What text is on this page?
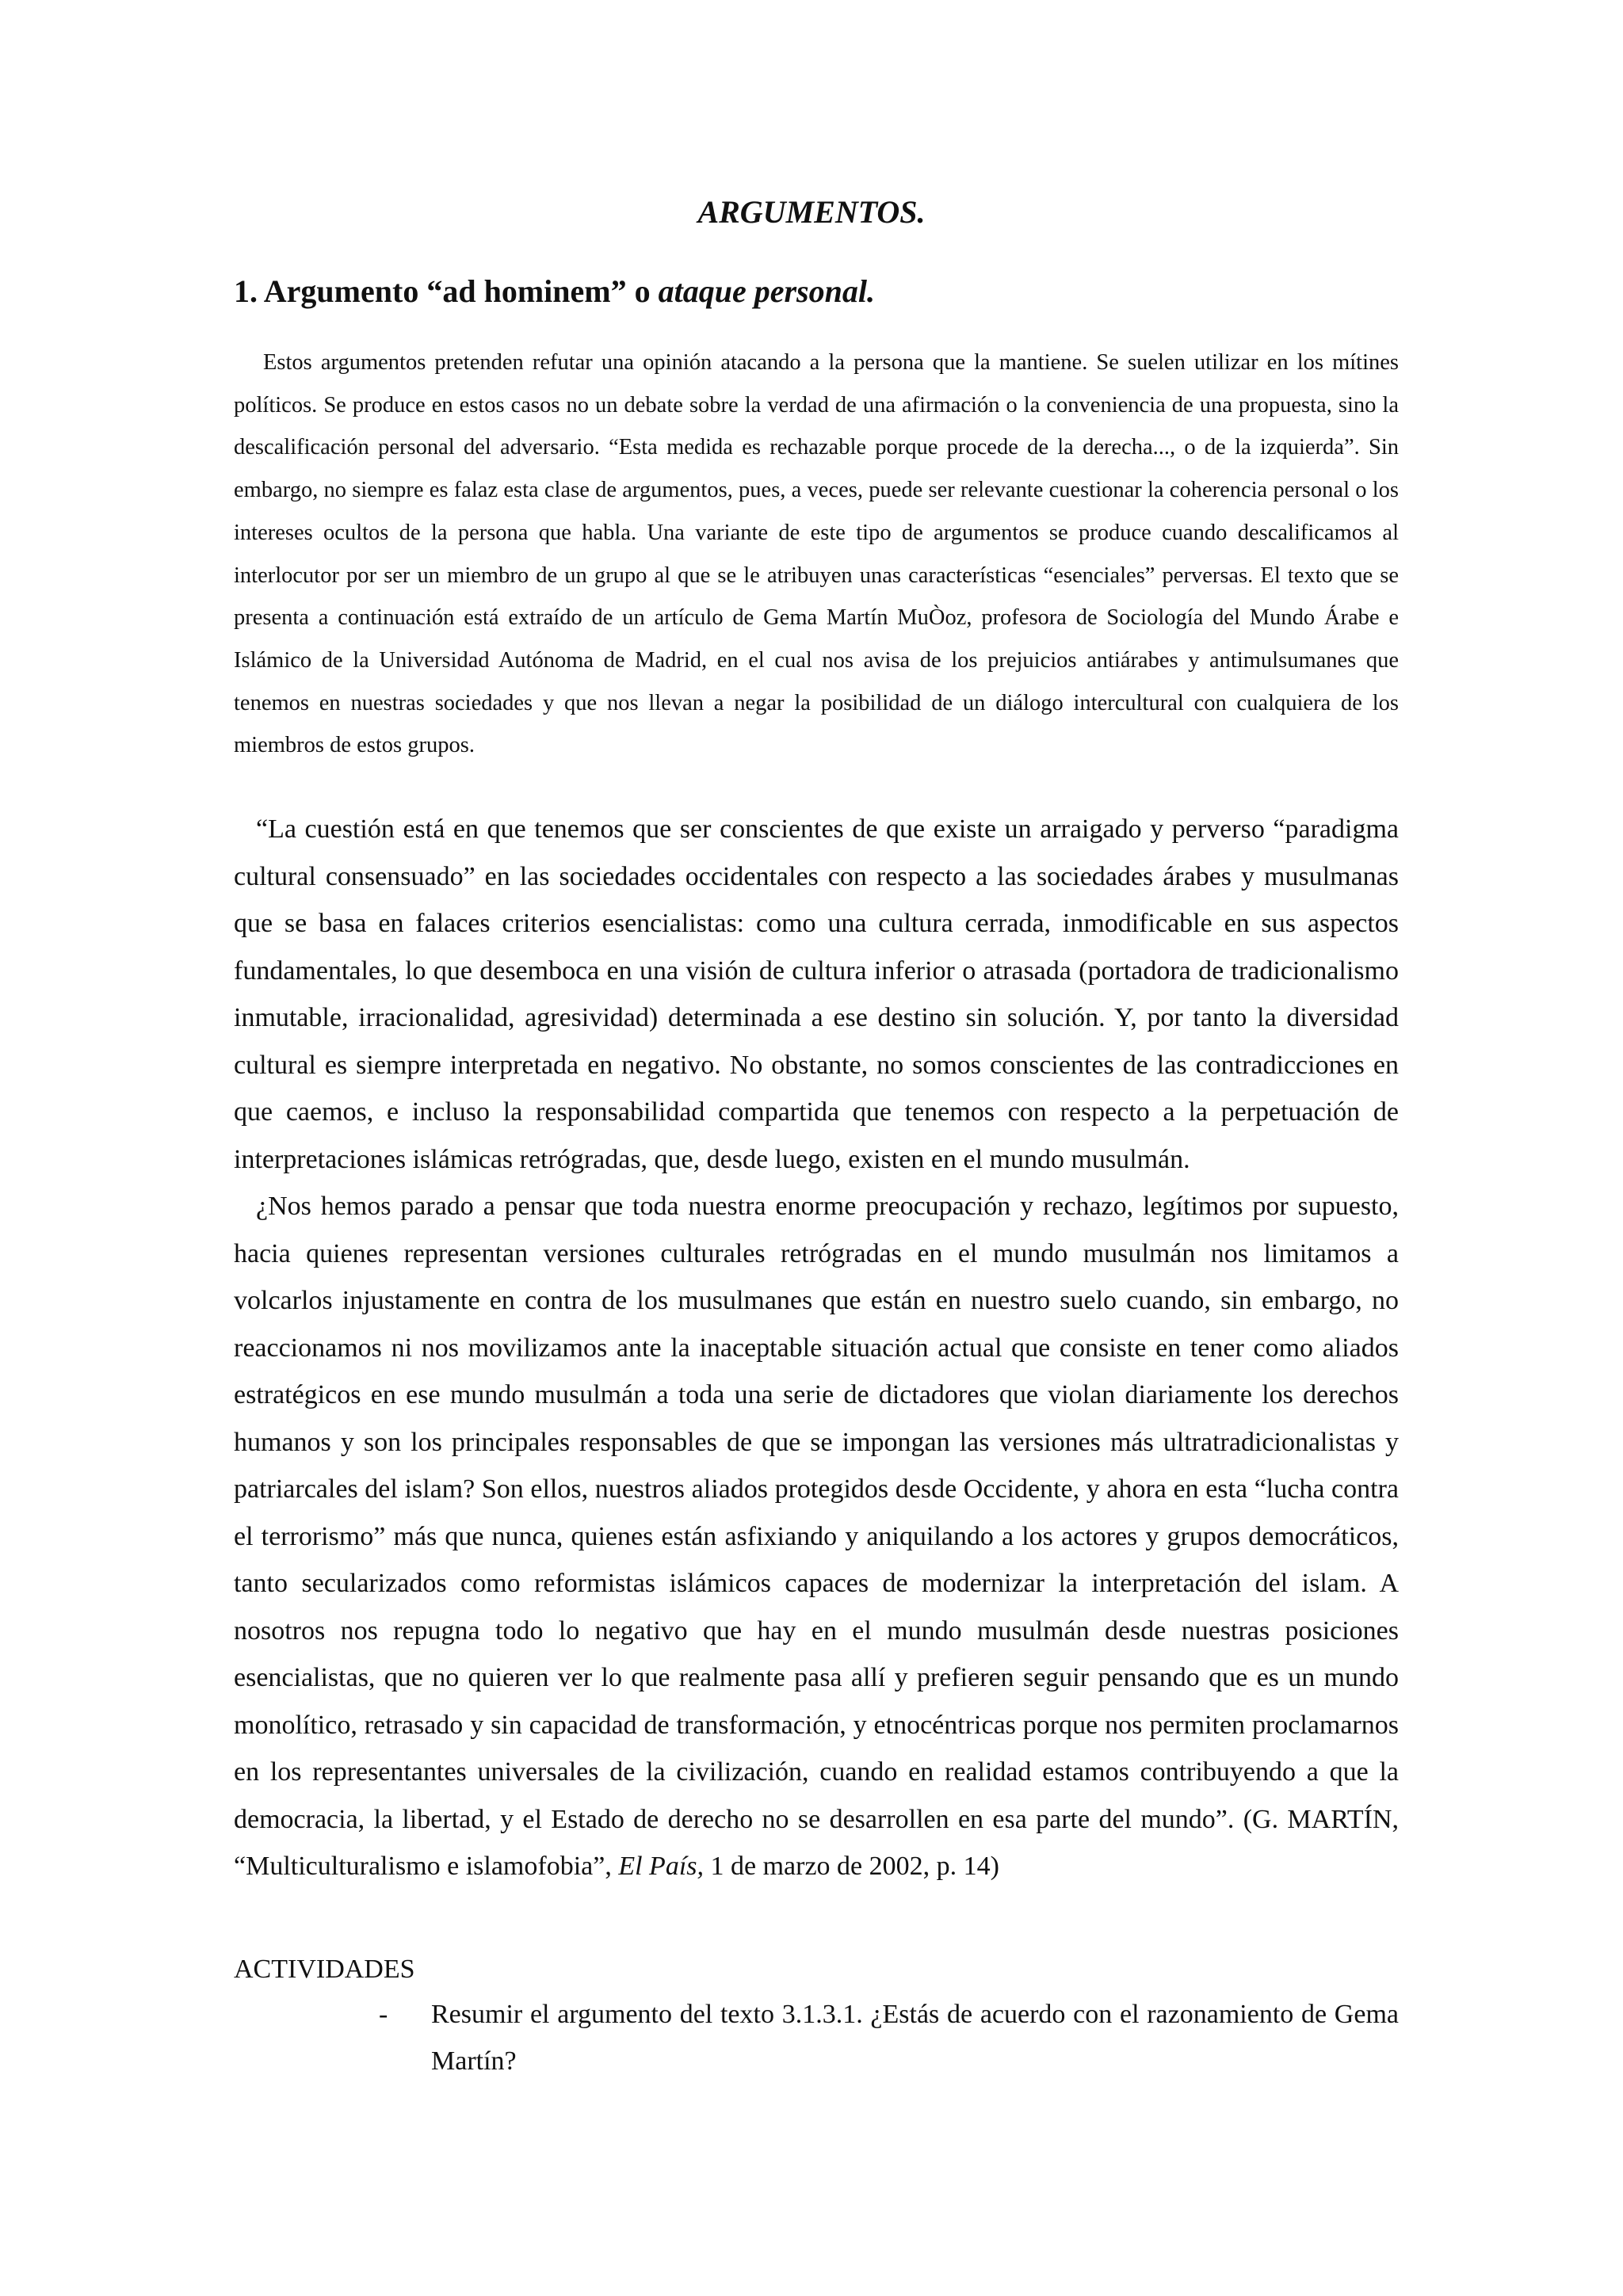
ARGUMENTOS.
1. Argumento “ad hominem” o ataque personal.

Estos argumentos pretenden refutar una opinión atacando a la persona que la mantiene. Se suelen utilizar en los mítines políticos. Se produce en estos casos no un debate sobre la verdad de una afirmación o la conveniencia de una propuesta, sino la descalificación personal del adversario. “Esta medida es rechazable porque procede de la derecha..., o de la izquierda”. Sin embargo, no siempre es falaz esta clase de argumentos, pues, a veces, puede ser relevante cuestionar la coherencia personal o los intereses ocultos de la persona que habla. Una variante de este tipo de argumentos se produce cuando descalificamos al interlocutor por ser un miembro de un grupo al que se le atribuyen unas características “esenciales” perversas. El texto que se presenta a continuación está extraído de un artículo de Gema Martín MuÒoz, profesora de Sociología del Mundo Árabe e Islámico de la Universidad Autónoma de Madrid, en el cual nos avisa de los prejuicios antiárabes y antimulsumanes que tenemos en nuestras sociedades y que nos llevan a negar la posibilidad de un diálogo intercultural con cualquiera de los miembros de estos grupos.

“La cuestión está en que tenemos que ser conscientes de que existe un arraigado y perverso “paradigma cultural consensuado” en las sociedades occidentales con respecto a las sociedades árabes y musulmanas que se basa en falaces criterios esencialistas: como una cultura cerrada, inmodificable en sus aspectos fundamentales, lo que desemboca en una visión de cultura inferior o atrasada (portadora de tradicionalismo inmutable, irracionalidad, agresividad) determinada a ese destino sin solución. Y, por tanto la diversidad cultural es siempre interpretada en negativo. No obstante, no somos conscientes de las contradicciones en que caemos, e incluso la responsabilidad compartida que tenemos con respecto a la perpetuación de interpretaciones islámicas retrógradas, que, desde luego, existen en el mundo musulmán.

¿Nos hemos parado a pensar que toda nuestra enorme preocupación y rechazo, legítimos por supuesto, hacia quienes representan versiones culturales retrógradas en el mundo musulmán nos limitamos a volcarlos injustamente en contra de los musulmanes que están en nuestro suelo cuando, sin embargo, no reaccionamos ni nos movilizamos ante la inaceptable situación actual que consiste en tener como aliados estratégicos en ese mundo musulmán a toda una serie de dictadores que violan diariamente los derechos humanos y son los principales responsables de que se impongan las versiones más ultratradicionalistas y patriarcales del islam? Son ellos, nuestros aliados protegidos desde Occidente, y ahora en esta “lucha contra el terrorismo” más que nunca, quienes están asfixiando y aniquilando a los actores y grupos democráticos, tanto secularizados como reformistas islámicos capaces de modernizar la interpretación del islam. A nosotros nos repugna todo lo negativo que hay en el mundo musulmán desde nuestras posiciones esencialistas, que no quieren ver lo que realmente pasa allí y prefieren seguir pensando que es un mundo monolítico, retrasado y sin capacidad de transformación, y etnocéntricas porque nos permiten proclamarnos en los representantes universales de la civilización, cuando en realidad estamos contribuyendo a que la democracia, la libertad, y el Estado de derecho no se desarrollen en esa parte del mundo”. (G. MARTÍN, “Multiculturalismo e islamofobia”, El País, 1 de marzo de 2002, p. 14)

ACTIVIDADES

- Resumir el argumento del texto 3.1.3.1. ¿Estás de acuerdo con el razonamiento de Gema Martín?
